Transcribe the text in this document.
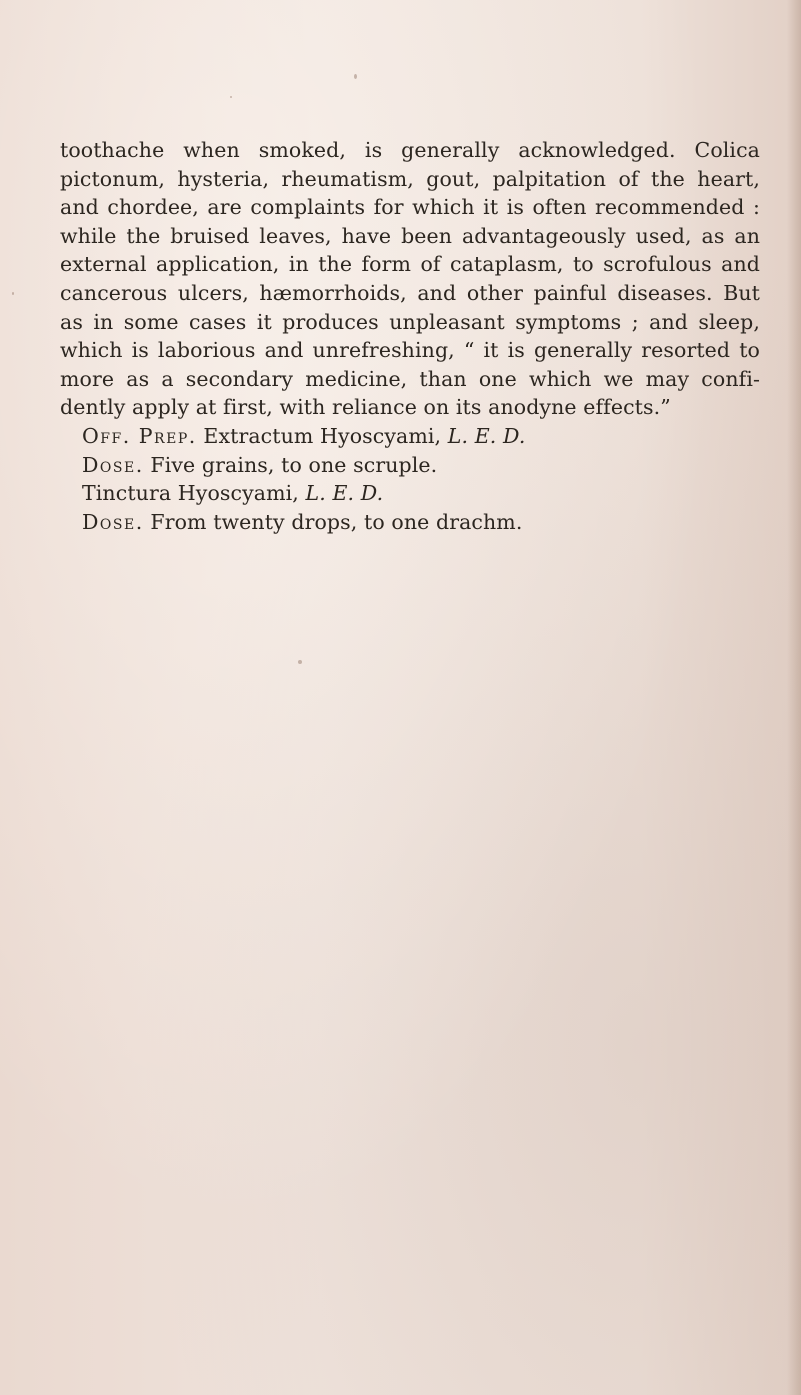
toothache when smoked, is generally acknowledged. Colica
pictonum, hysteria, rheumatism, gout, palpitation of the heart,
and chordee, are complaints for which it is often recommended :
while the bruised leaves, have been advantageously used, as an
external application, in the form of cataplasm, to scrofulous and
cancerous ulcers, hæmorrhoids, and other painful diseases. But
as in some cases it produces unpleasant symptoms ; and sleep,
which is laborious and unrefreshing, “ it is generally resorted to
more as a secondary medicine, than one which we may confi-
dently apply at first, with reliance on its anodyne effects.”
Off. Prep. Extractum Hyoscyami, L. E. D.
Dose. Five grains, to one scruple.
Tinctura Hyoscyami, L. E. D.
Dose. From twenty drops, to one drachm.
